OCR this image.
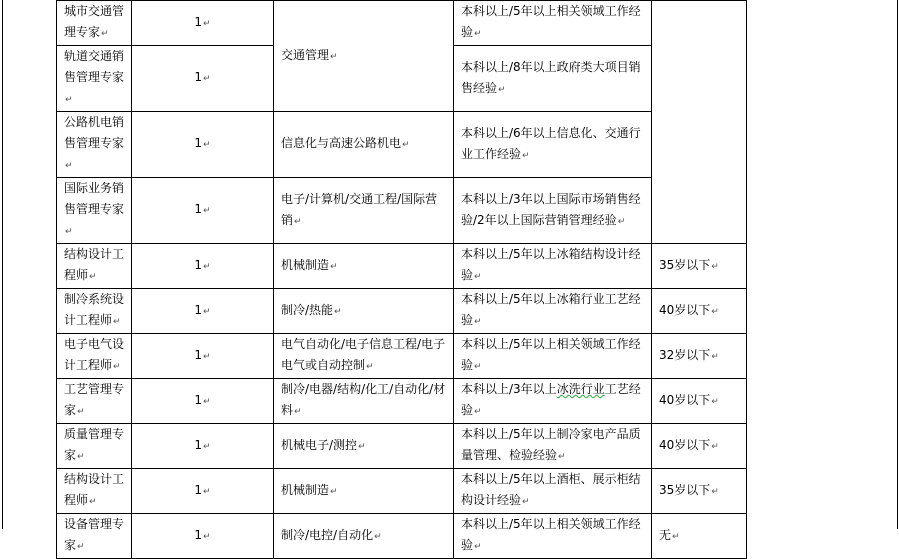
城市交通管理专家↵	1↵	交通管理↵	本科以上/5年以上相关领域工作经验↵	
轨道交通销售管理专家↵	1↵		本科以上/8年以上政府类大项目销售经验↵	
公路机电销售管理专家↵	1↵	信息化与高速公路机电↵	本科以上/6年以上信息化、交通行业工作经验↵	
国际业务销售管理专家↵	1↵	电子/计算机/交通工程/国际营销↵	本科以上/3年以上国际市场销售经验/2年以上国际营销管理经验↵	
结构设计工程师↵	1↵	机械制造↵	本科以上/5年以上冰箱结构设计经验↵	35岁以下↵
制冷系统设计工程师↵	1↵	制冷/热能↵	本科以上/5年以上冰箱行业工艺经验↵	40岁以下↵
电子电气设计工程师↵	1↵	电气自动化/电子信息工程/电子电气或自动控制↵	本科以上/5年以上相关领域工作经验↵	32岁以下↵
工艺管理专家↵	1↵	制冷/电器/结构/化工/自动化/材料↵	本科以上/3年以上冰洗行业工艺经验↵	40岁以下↵
质量管理专家↵	1↵	机械电子/测控↵	本科以上/5年以上制冷家电产品质量管理、检验经验↵	40岁以下↵
结构设计工程师↵	1↵	机械制造↵	本科以上/5年以上酒柜、展示柜结构设计经验↵	35岁以下↵
设备管理专家↵	1↵	制冷/电控/自动化↵	本科以上/5年以上相关领域工作经验↵	无↵
